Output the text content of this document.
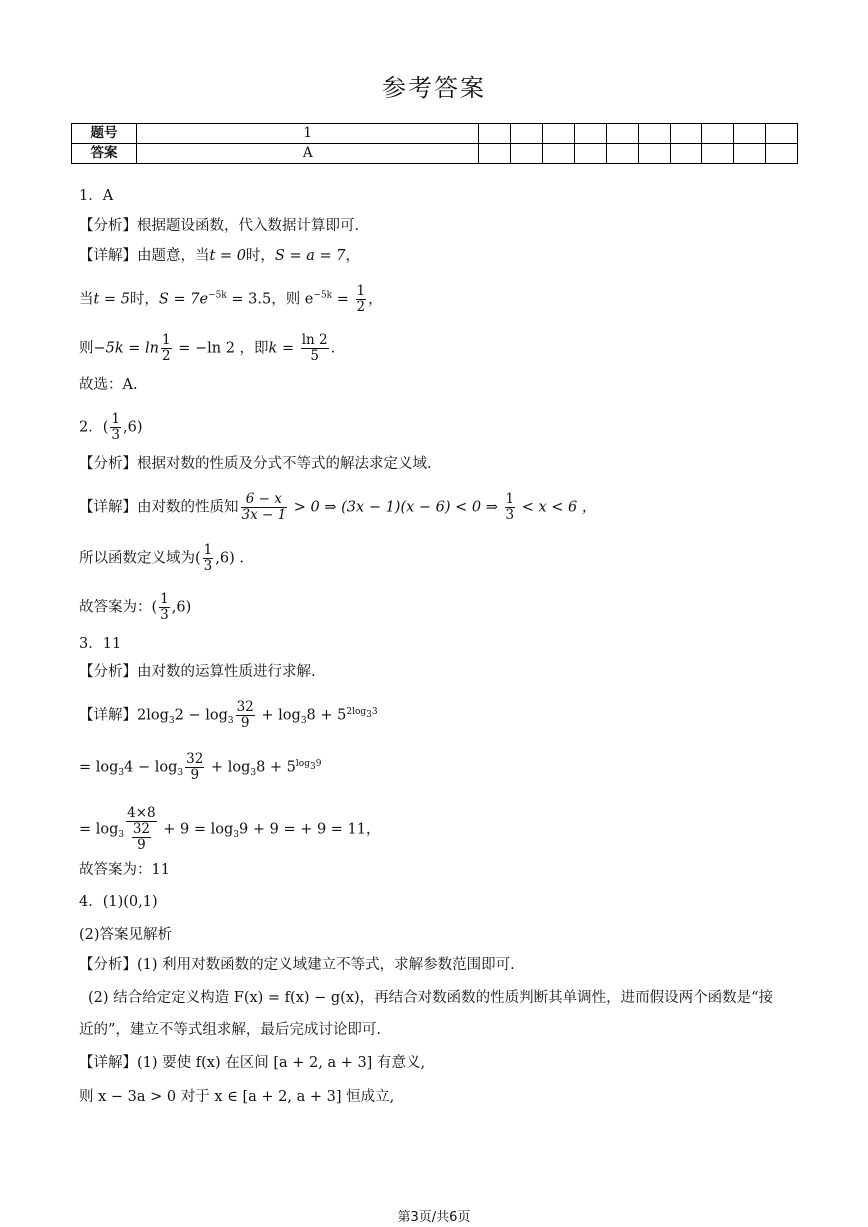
参考答案
题号	1										
答案	A										
1．A
【分析】根据题设函数，代入数据计算即可.
【详解】由题意，当t = 0时，S = a = 7，
当t = 5时，$S = 7e^{-5k} = 3.5$，则 $e^{-5k} = \frac{1}{2}$ ，
则$-5k = \ln \frac{1}{2} = -\ln$ 2 ，即$k = \frac{\ln 2}{5}$ .
故选：A.
2．( $\frac{1}{3} ,6$)
【分析】根据对数的性质及分式不等式的解法求定义域.
【详解】由对数的性质知 $\frac{6 - x}{3x - 1} > 0$ ⇒ (3x − 1)(x − 6) < 0 ⇒ $\frac{1}{3} < x < 6$ ，
所以函数定义域为( $\frac{1}{3} ,6$) .
故答案为：( $\frac{1}{3} ,6$)
3．11
【分析】由对数的运算性质进行求解.
【详解】$2\log_32 - \log_3 \frac{32}{9} + \log_38 + 5^{2log_33}$
= $\log_34 - \log_3 \frac{32}{9} + \log_38 + 5^{log_39}$
= $\log_3 \frac{4\times 8}{\frac{32}{9}} + 9 = \log_39 + 9$ = + 9 = 11，
故答案为：11
4．(1)(0,1)
(2)答案见解析
【分析】(1) 利用对数函数的定义域建立不等式，求解参数范围即可.
(2) 结合给定定义构造 F(x) = f(x) − g(x)，再结合对数函数的性质判断其单调性，进而假设两个函数是“接
近的”，建立不等式组求解，最后完成讨论即可.
【详解】(1) 要使 f(x) 在区间 [a + 2, a + 3] 有意义,
则 x − 3a > 0 对于 x ∈ [a + 2, a + 3] 恒成立,
第3页/共6页
